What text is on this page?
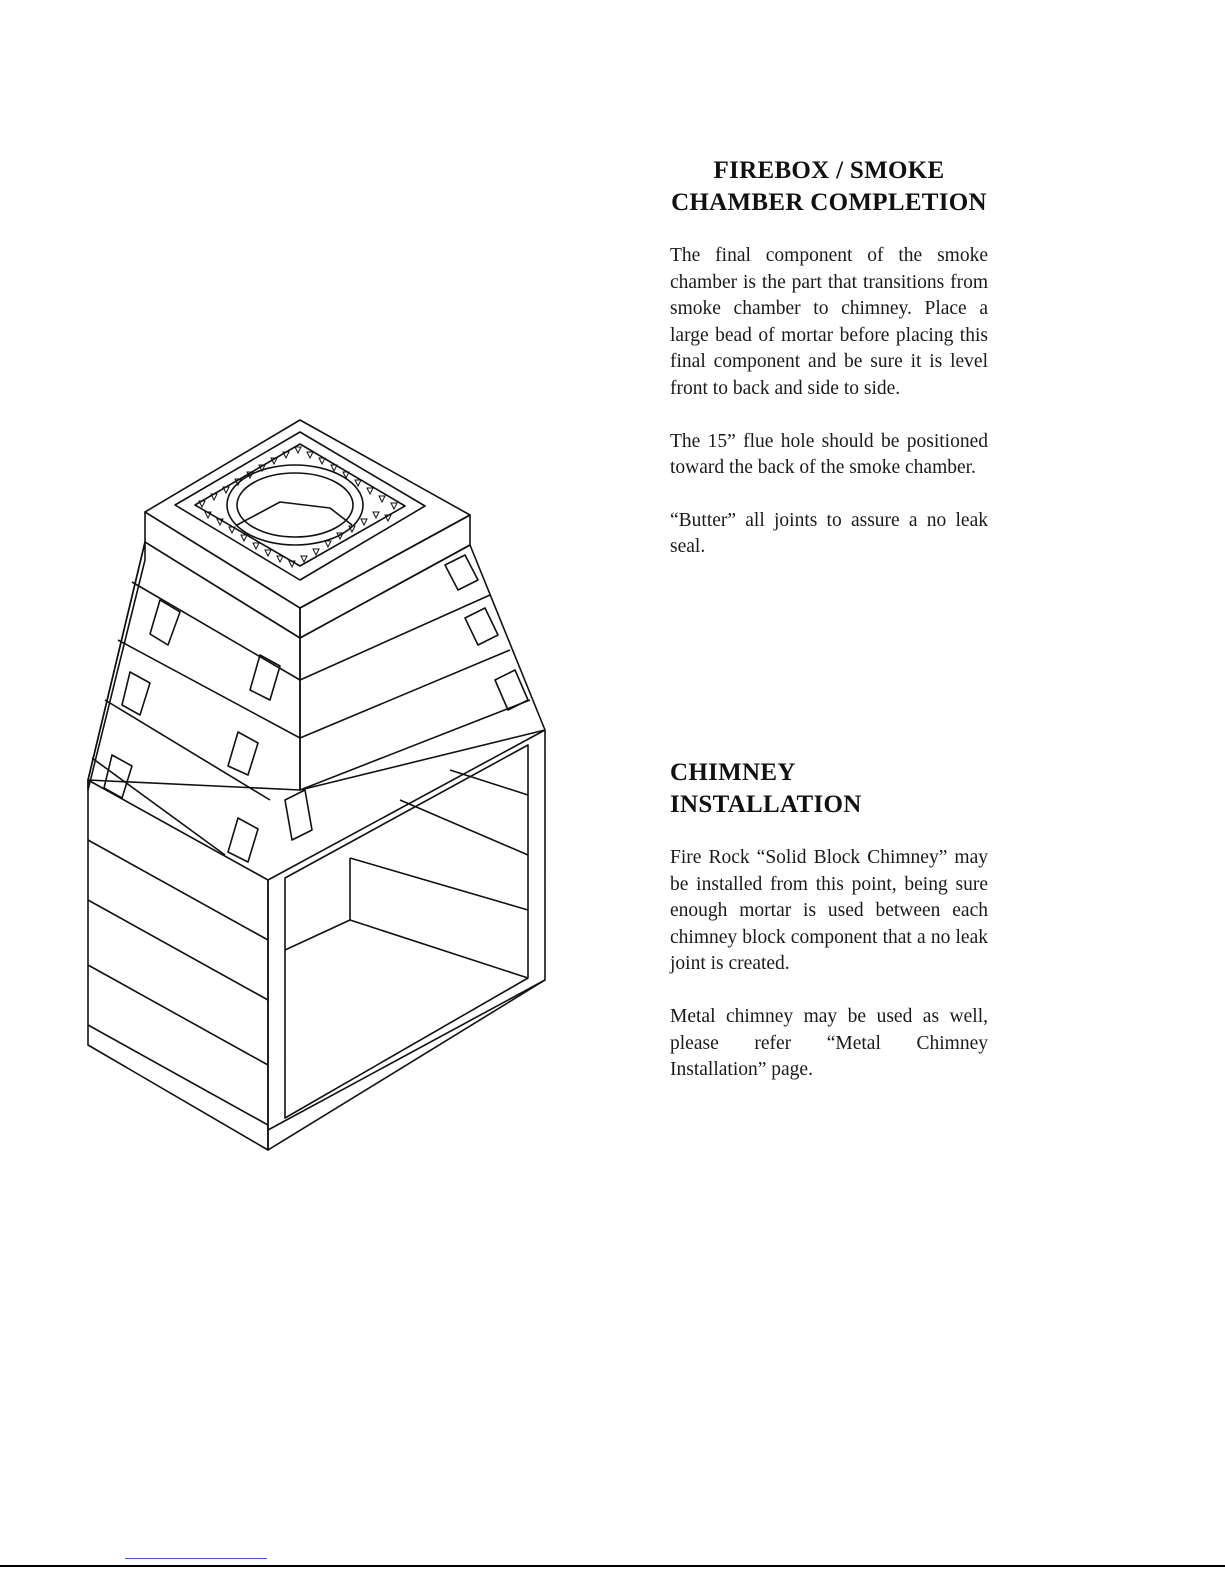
FIREBOX / SMOKE
CHAMBER COMPLETION

The final component of the smoke chamber is the part that transitions from smoke chamber to chimney. Place a large bead of mortar before placing this final component and be sure it is level front to back and side to side.

The 15” flue hole should be positioned toward the back of the smoke chamber.

“Butter” all joints to assure a no leak seal.

CHIMNEY INSTALLATION

Fire Rock “Solid Block Chimney” may be installed from this point, being sure enough mortar is used between each chimney block component that a no leak joint is created.

Metal chimney may be used as well, please refer “Metal Chimney Installation” page.
